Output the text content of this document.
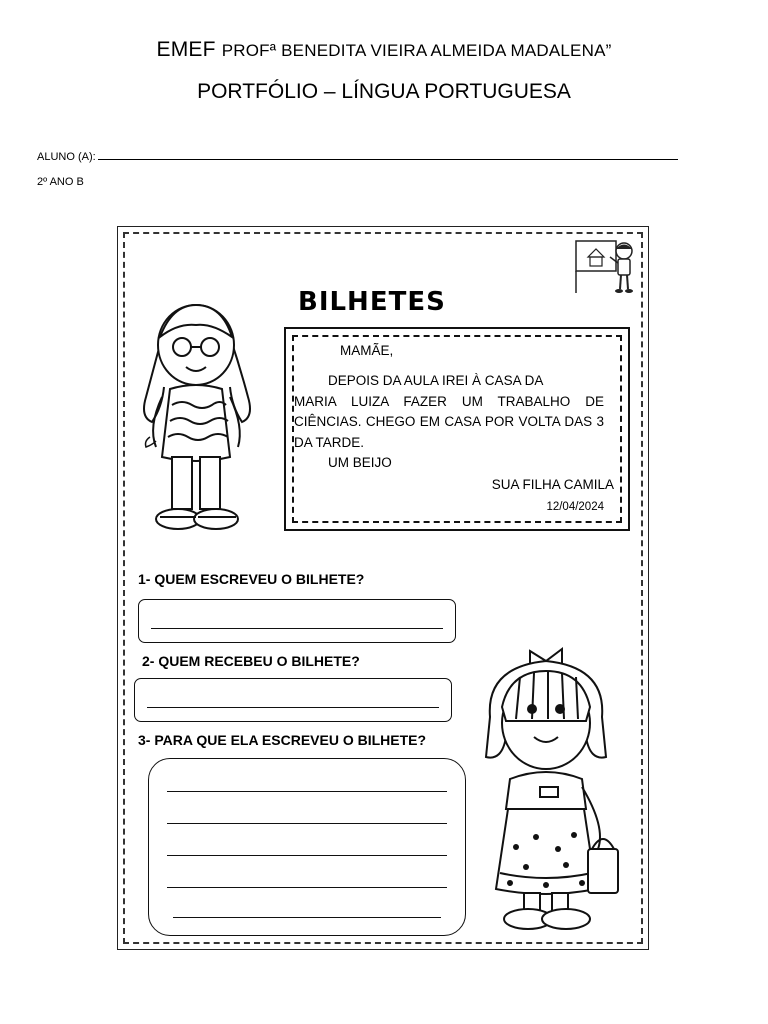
EMEF PROFª BENEDITA VIEIRA ALMEIDA MADALENA”
PORTFÓLIO – LÍNGUA PORTUGUESA
ALUNO (A):
2º ANO B
BILHETES
MAMÃE,
DEPOIS DA AULA IREI À CASA DA
MARIA LUIZA FAZER UM TRABALHO DE CIÊNCIAS. CHEGO EM CASA POR VOLTA DAS 3 DA TARDE.
UM BEIJO
SUA FILHA CAMILA
12/04/2024
1- QUEM ESCREVEU O BILHETE?
2- QUEM RECEBEU O BILHETE?
3- PARA QUE ELA ESCREVEU O BILHETE?
